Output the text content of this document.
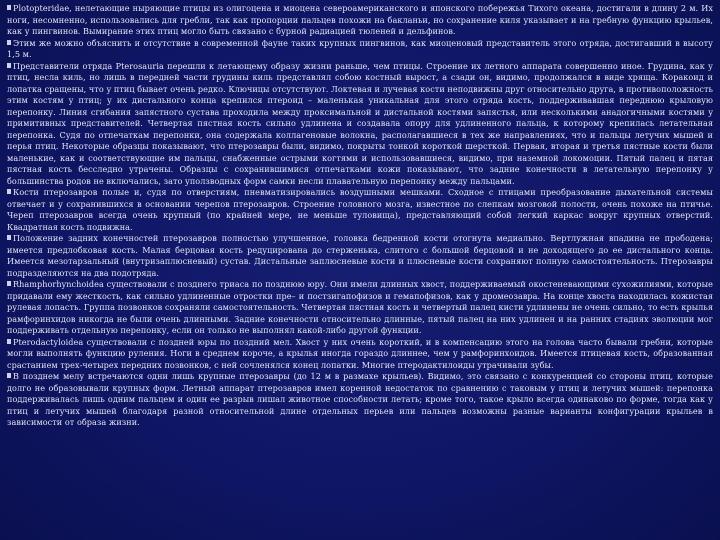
Plotopteridae, нелетающие ныряющие птицы из олигоцена и миоцена североамериканского и японского побережья Тихого океана, достигали в длину 2 м. Их ноги, несомненно, использовались для гребли, так как пропорции пальцев похожи на бакланьи, но сохранение киля указывает и на гребную функцию крыльев, как у пингвинов. Вымирание этих птиц могло быть связано с бурной радиацией тюленей и дельфинов.

Этим же можно объяснить и отсутствие в современной фауне таких крупных пингвинов, как миоценовый представитель этого отряда, достигавший в высоту 1,5 м.

Представители отряда Pterosauria перешли к летающему образу жизни раньше, чем птицы. Строение их летного аппарата совершенно иное. Грудина, как у птиц, несла киль, но лишь в передней части грудины киль представлял собою костный вырост, а сзади он, видимо, продолжался в виде хряща. Коракоид и лопатка сращены, что у птиц бывает очень редко. Ключицы отсутствуют. Локтевая и лучевая кости неподвижны друг относительно друга, в противоположность этим костям у птиц; у их дистального конца крепился птероид – маленькая уникальная для этого отряда кость, поддерживавшая переднюю крыловую перепонку. Линия сгибания запястного сустава проходила между проксимальной и дистальной костями запястья, или несколькими анадогичными костями у примитивных представителей. Четвертая пястная кость сильно удлинена и создавала опору для удлиненного пальца, к которому крепилась летательная перепонка. Судя по отпечаткам перепонки, она содержала коллагеновые волокна, располагавшиеся в тех же направлениях, что и пальцы летучих мышей и перья птиц. Некоторые образцы показывают, что птерозавры были, видимо, покрыты тонкой короткой шерсткой. Первая, вторая и третья пястные кости были маленькие, как и соответствующие им пальцы, снабженные острыми когтями и использовавшиеся, видимо, при наземной локомоции. Пятый палец и пятая пястная кость бесследно утрачены. Образцы с сохранившимися отпечатками кожи показывают, что задние конечности в летательную перепонку у большинства родов не включались, зато уползводных форм самки несли плавательную перепонку между пальцами.

Кости птерозавров полые и, судя по отверстиям, пневматизировались воздушными мешками. Сходное с птицами преобразование дыхательной системы отвечает и у сохранившихся в основании черепов птерозавров. Строение головного мозга, известное по слепкам мозговой полости, очень похоже на птичье. Череп птерозавров всегда очень крупный (по крайней мере, не меньше туловища), представляющий собой легкий каркас вокруг крупных отверстий. Квадратная кость подвижна.

Положение задних конечностей птерозавров полностью улучшенное, головка бедренной кости отогнута медиально. Вертлужная впадина не прободена; имеется предлобковая кость. Малая берцовая кость редуцирована до стерженька, слитого с большой берцовой и не доходящего до ее дистального конца. Имеется мезотарзальный (внутризаплюсневый) сустав. Дистальные заплюсневые кости и плюсневые кости сохраняют полную самостоятельность. Птерозавры подразделяются на два подотряда.

Rhamphorhynchoidea существовали с позднего триаса по позднюю юру. Они имели длинных хвост, поддерживаемый окостеневающими сухожилиями, которые придавали ему жесткость, как сильно удлиненные отростки пре– и постзигапофизов и гемапофизов, как у дромеозавра. На конце хвоста находилась кожистая рулевая лопасть. Группа позвонков сохраняли самостоятельность. Четвертая пястная кость и четвертый палец кисти удлинены не очень сильно, то есть крылья рамфоринхидов никогда не были очень длинными. Задние конечности относительно длинные, пятый палец на них удлинен и на ранних стадиях эволюции мог поддерживать отдельную перепонку, если он только не выполнял какой-либо другой функции.

Pterodactyloidea существовали с поздней юры по поздний мел. Хвост у них очень короткий, и в компенсацию этого на голова часто бывали гребни, которые могли выполнять функцию руления. Ноги в среднем короче, а крылья иногда гораздо длиннее, чем у рамфоринхоидов. Имеется птицевая кость, образованная срастанием трех-четырех передних позвонков, с ней сочленялся конец лопатки. Многие птеродактилоиды утрачивали зубы.

В позднем мелу встречаются одни лишь крупные птерозавры (до 12 м в размахе крыльев). Видимо, это связано с конкуренцией со стороны птиц, которые долго не образовывали крупных форм. Летный аппарат птерозавров имел коренной недостаток по сравнению с таковым у птиц и летучих мышей: перепонка поддерживалась лишь одним пальцем и один ее разрыв лишал животное способности летать; кроме того, такое крыло всегда одинаково по форме, тогда как у птиц и летучих мышей благодаря разной относительной длине отдельных перьев или пальцев возможны разные варианты конфигурации крыльев в зависимости от образа жизни.
